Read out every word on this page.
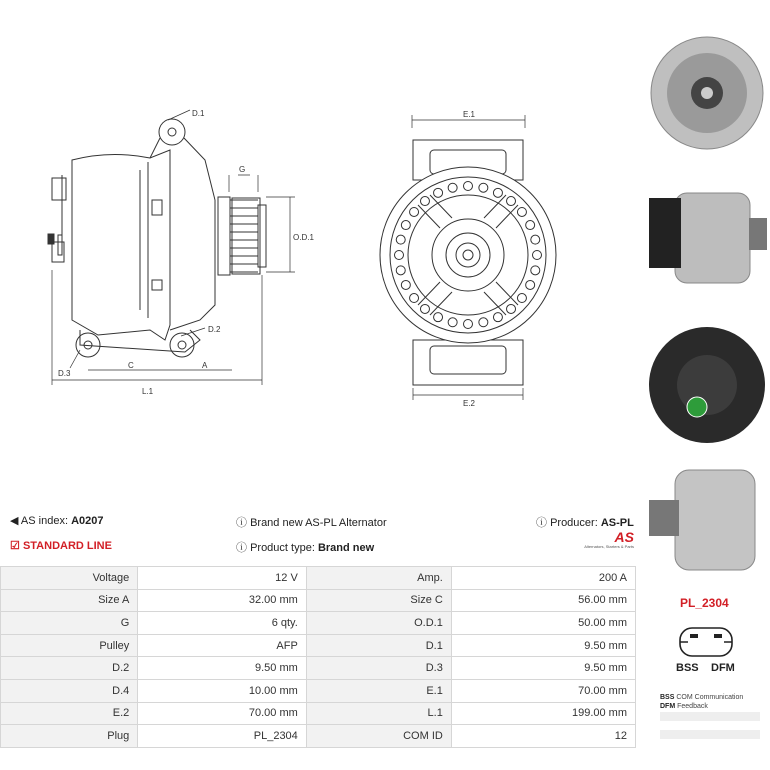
D.1
G
O.D.1
D.2
D.3
C	A
L.1
E.1
E.2
◀ AS index: A0207
☑ STANDARD LINE
ⓘ Brand new AS-PL Alternator
ⓘ Product type: Brand new
ⓘ Producer: AS-PL
AS
Alternators, Starters & Parts
Voltage	12 V	Amp.	200 A
Size A	32.00 mm	Size C	56.00 mm
G	6 qty.	O.D.1	50.00 mm
Pulley	AFP	D.1	9.50 mm
D.2	9.50 mm	D.3	9.50 mm
D.4	10.00 mm	E.1	70.00 mm
E.2	70.00 mm	L.1	199.00 mm
Plug	PL_2304	COM ID	12
PL_2304
BSS DFM
BSS COM Communication
DFM Feedback
